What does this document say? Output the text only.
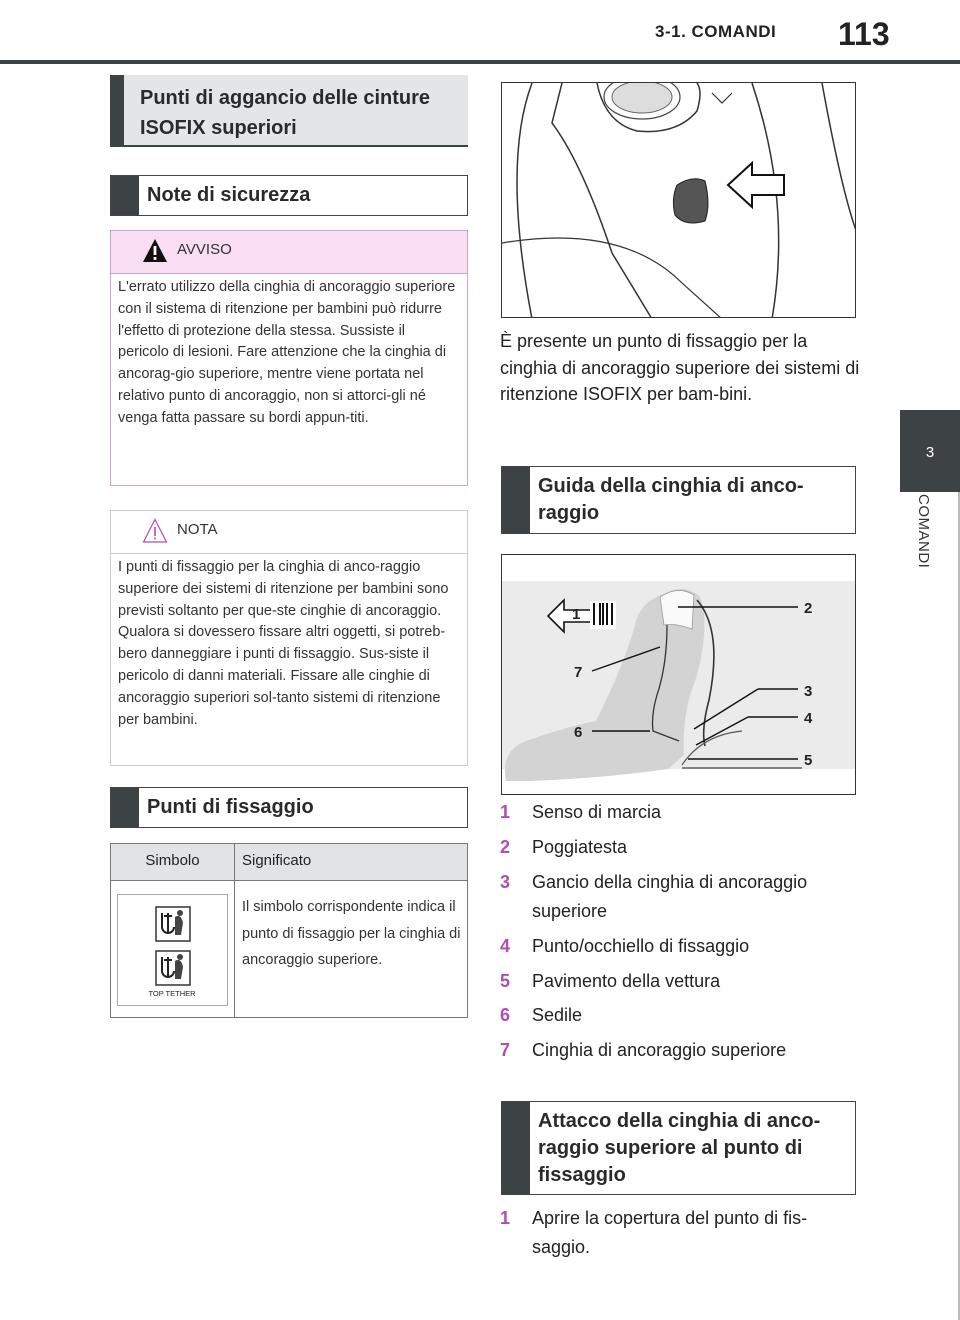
3-1. COMANDI 113
3
COMANDI
Punti di aggancio delle cinture ISOFIX superiori
Note di sicurezza
AVVISO
L'errato utilizzo della cinghia di ancoraggio superiore con il sistema di ritenzione per bambini può ridurre l'effetto di protezione della stessa. Sussiste il pericolo di lesioni. Fare attenzione che la cinghia di ancorag-gio superiore, mentre viene portata nel relativo punto di ancoraggio, non si attorci-gli né venga fatta passare su bordi appun-titi.
NOTA
I punti di fissaggio per la cinghia di anco-raggio superiore dei sistemi di ritenzione per bambini sono previsti soltanto per que-ste cinghie di ancoraggio. Qualora si dovessero fissare altri oggetti, si potreb-bero danneggiare i punti di fissaggio. Sus-siste il pericolo di danni materiali. Fissare alle cinghie di ancoraggio superiori sol-tanto sistemi di ritenzione per bambini.
Punti di fissaggio
Simbolo	Significato
TOP TETHER
Il simbolo corrispondente indica il punto di fissaggio per la cinghia di ancoraggio superiore.
È presente un punto di fissaggio per la cinghia di ancoraggio superiore dei sistemi di ritenzione ISOFIX per bam-bini.
Guida della cinghia di anco-raggio
1	2
3
4
5
6
7
1	Senso di marcia
2	Poggiatesta
3	Gancio della cinghia di ancoraggio superiore
4	Punto/occhiello di fissaggio
5	Pavimento della vettura
6	Sedile
7	Cinghia di ancoraggio superiore
Attacco della cinghia di anco-raggio superiore al punto di fissaggio
1	Aprire la copertura del punto di fis-saggio.
